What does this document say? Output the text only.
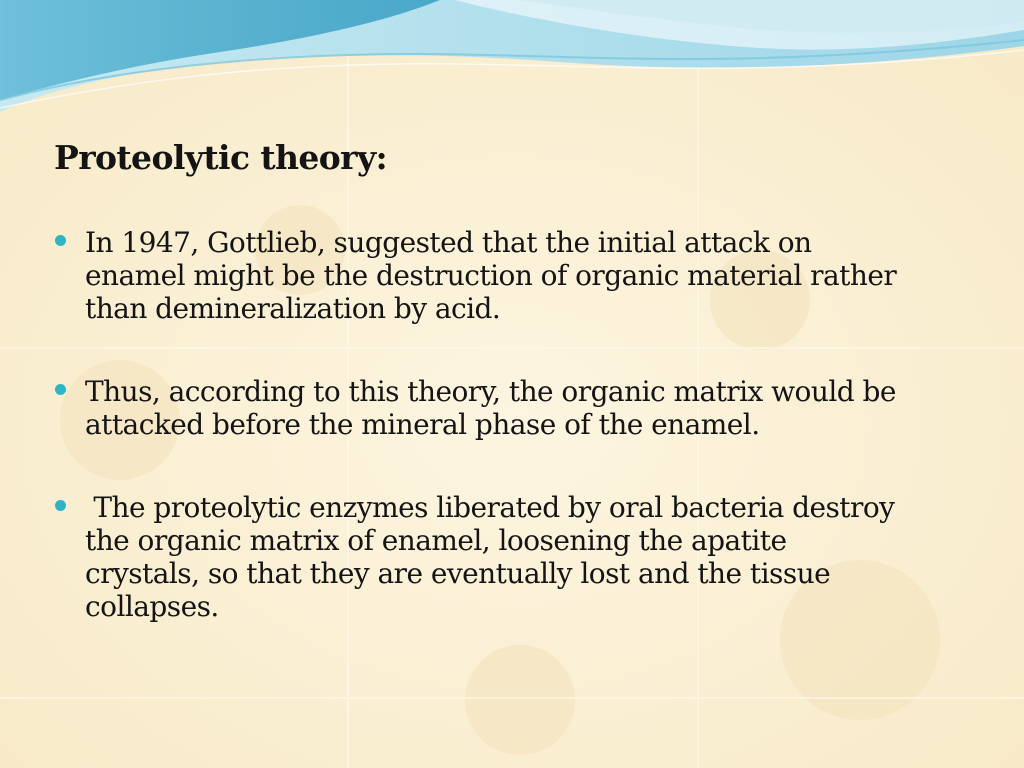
Proteolytic theory:
In 1947, Gottlieb, suggested that the initial attack on
enamel might be the destruction of organic material rather
than demineralization by acid.
Thus, according to this theory, the organic matrix would be
attacked before the mineral phase of the enamel.
The proteolytic enzymes liberated by oral bacteria destroy
the organic matrix of enamel, loosening the apatite
crystals, so that they are eventually lost and the tissue
collapses.
